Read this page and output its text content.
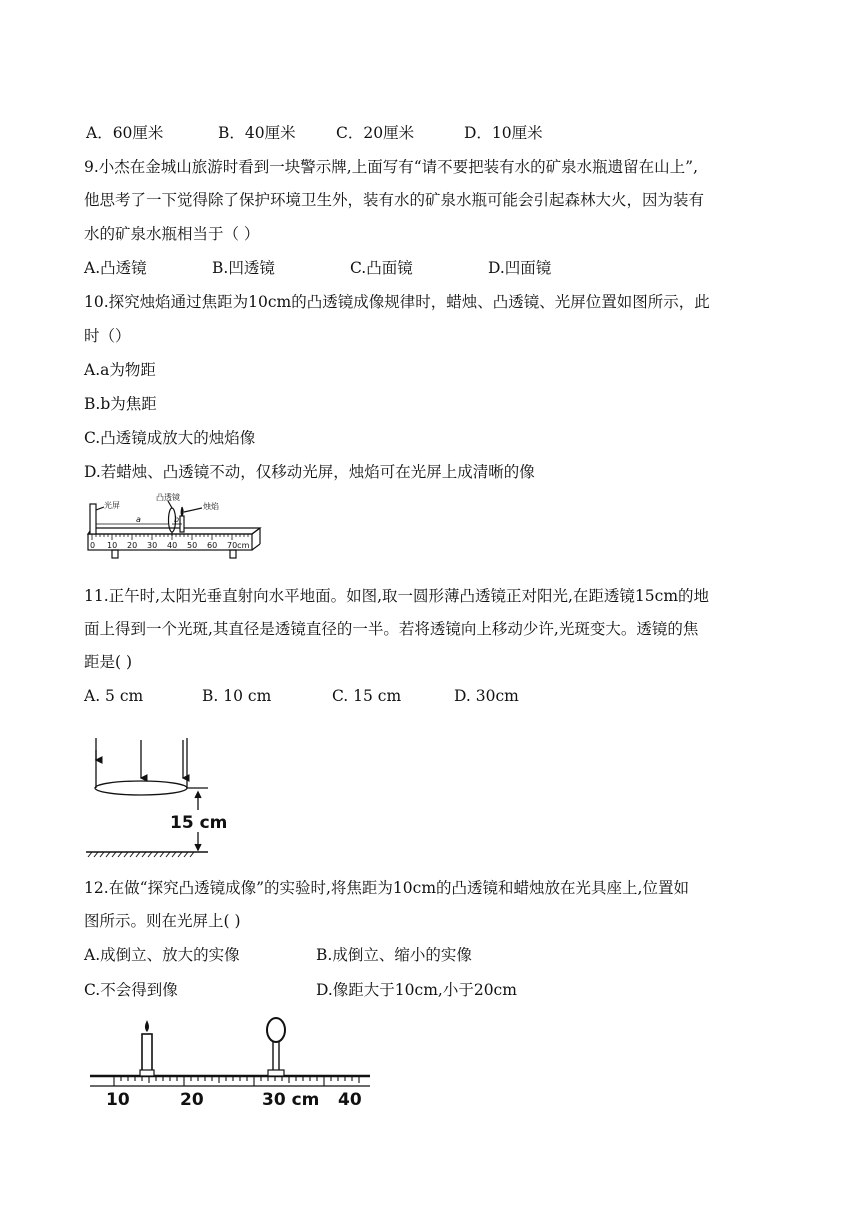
A．60厘米	B．40厘米	C．20厘米	D．10厘米
9.小杰在金城山旅游时看到一块警示牌,上面写有“请不要把装有水的矿泉水瓶遗留在山上”,
他思考了一下觉得除了保护环境卫生外，装有水的矿泉水瓶可能会引起森林大火，因为装有
水的矿泉水瓶相当于（ ）
A.凸透镜	B.凹透镜	C.凸面镜	D.凹面镜
10.探究烛焰通过焦距为10cm的凸透镜成像规律时，蜡烛、凸透镜、光屏位置如图所示，此
时（）
A.a为物距
B.b为焦距
C.凸透镜成放大的烛焰像
D.若蜡烛、凸透镜不动，仅移动光屏，烛焰可在光屏上成清晰的像
光屏
凸透镜
烛焰
a	b
0 10 20 30 40 50 60 70cm
11.正午时,太阳光垂直射向水平地面。如图,取一圆形薄凸透镜正对阳光,在距透镜15cm的地
面上得到一个光斑,其直径是透镜直径的一半。若将透镜向上移动少许,光斑变大。透镜的焦
距是( )
A. 5 cm	B. 10 cm	C. 15 cm	D. 30cm
15 cm
12.在做“探究凸透镜成像”的实验时,将焦距为10cm的凸透镜和蜡烛放在光具座上,位置如
图所示。则在光屏上( )
A.成倒立、放大的实像	B.成倒立、缩小的实像
C.不会得到像	D.像距大于10cm,小于20cm
10	20	30 cm 40
